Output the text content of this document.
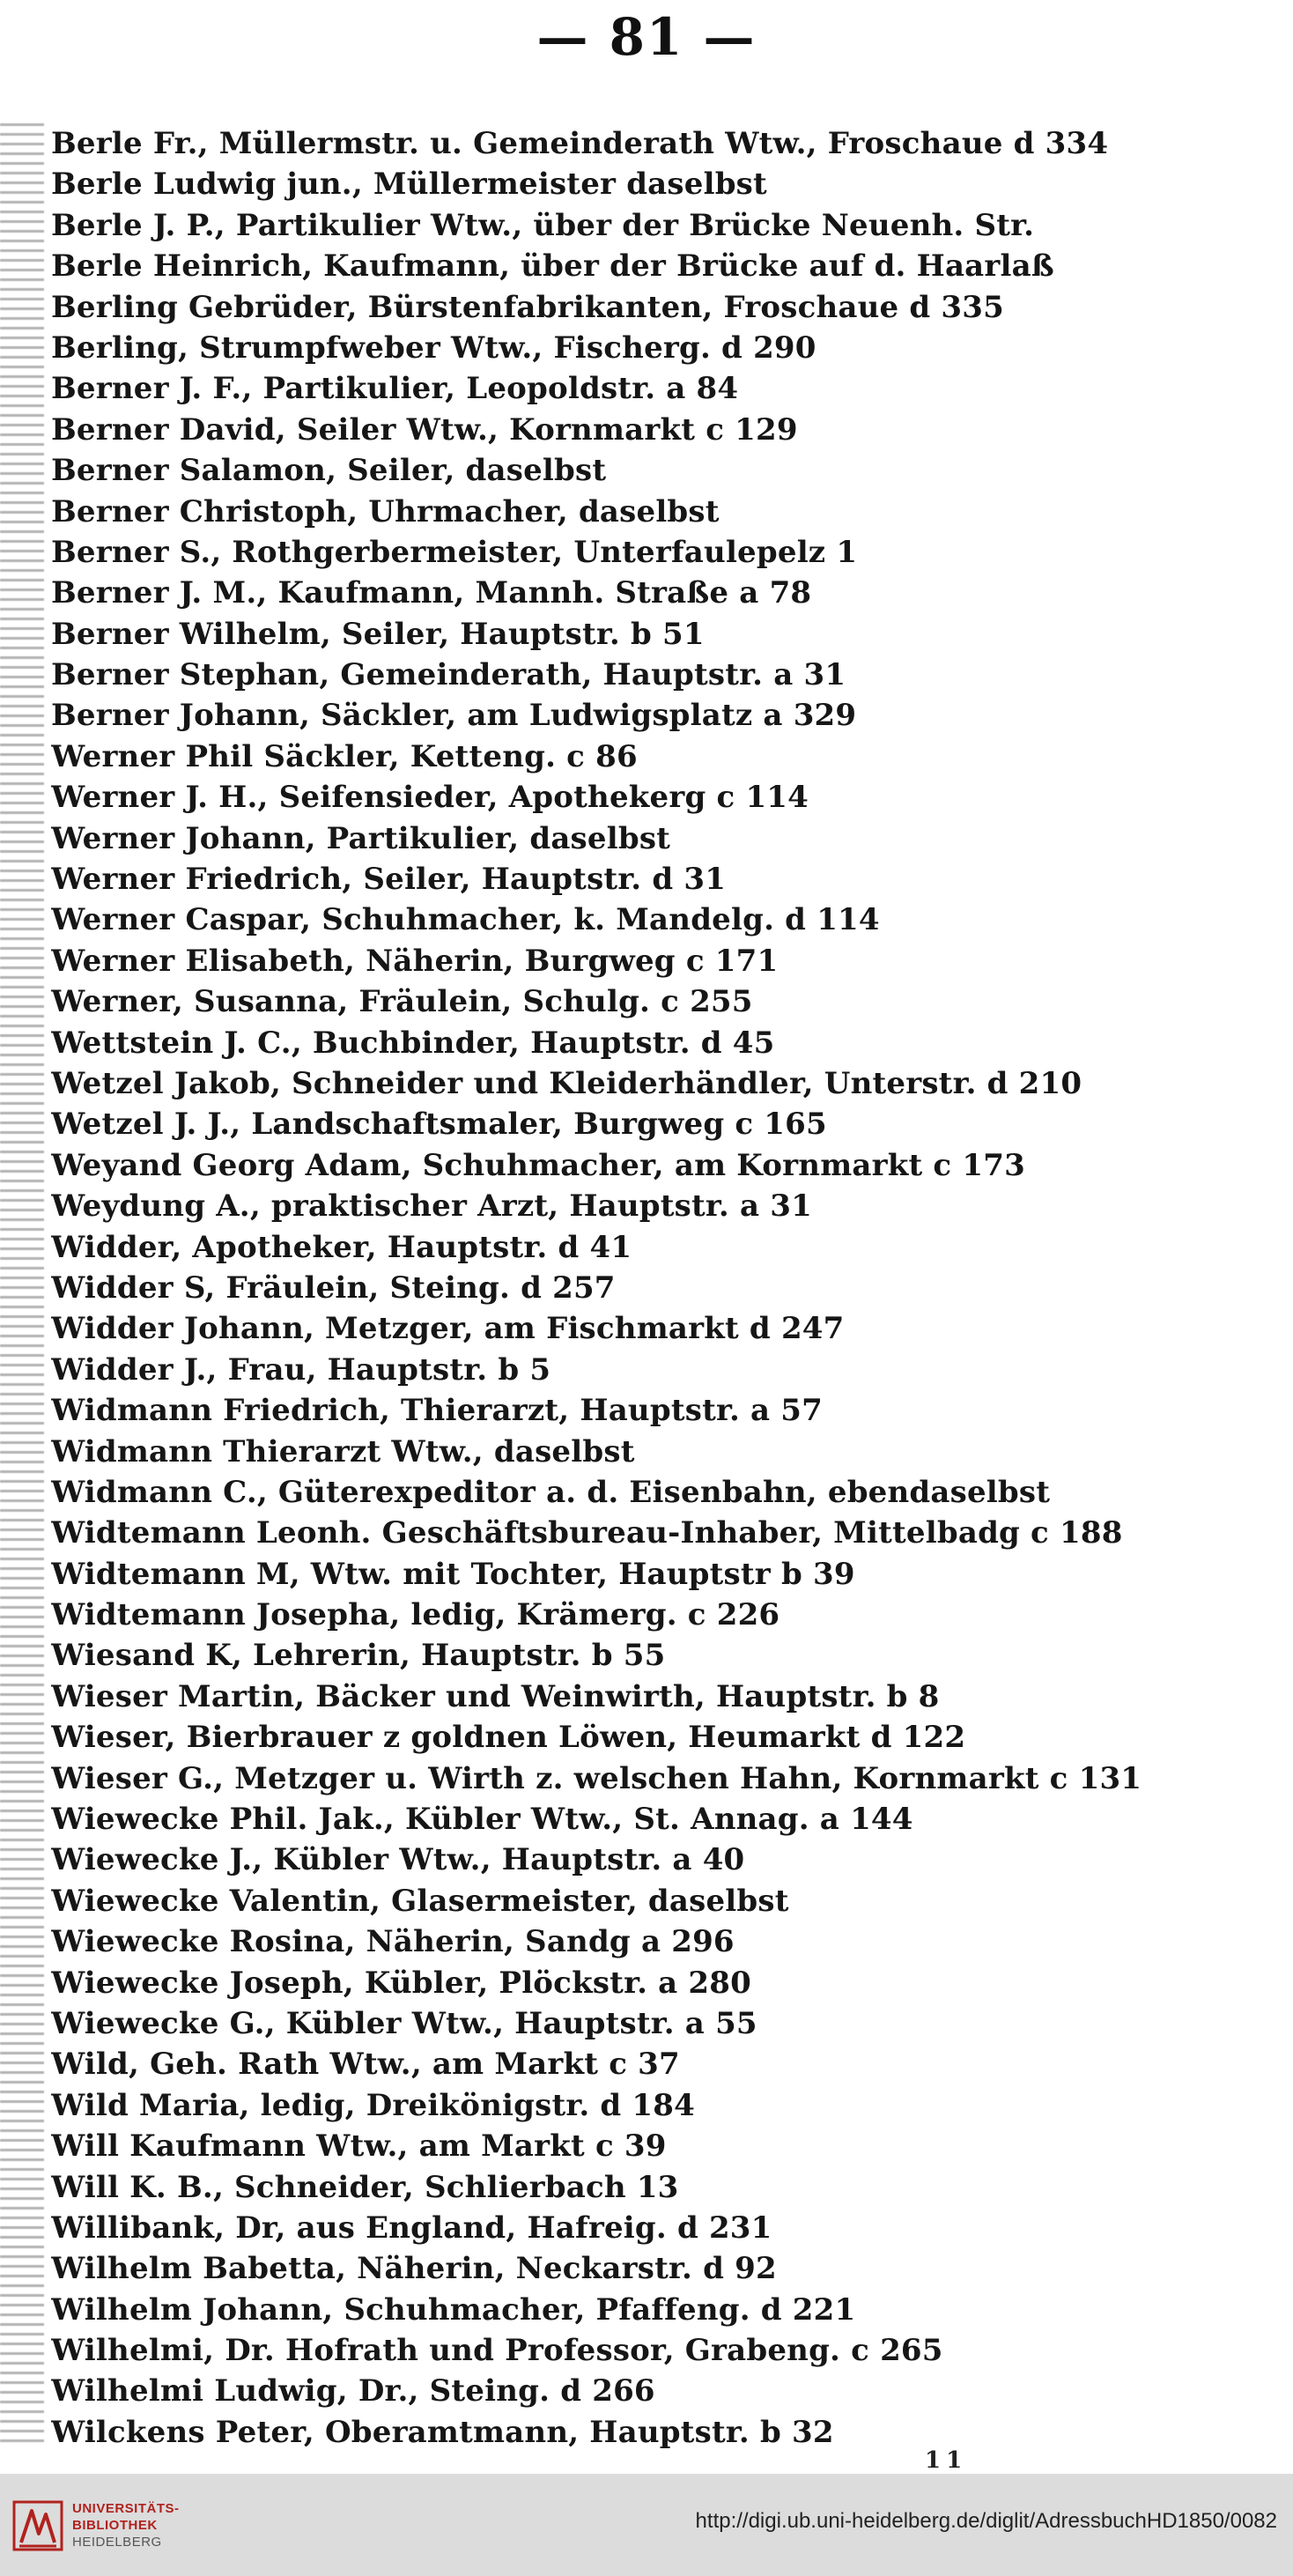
— 81 —
Berle Fr., Müllermstr. u. Gemeinderath Wtw., Froschaue d 334
Berle Ludwig jun., Müllermeister daselbst
Berle J. P., Partikulier Wtw., über der Brücke Neuenh. Str.
Berle Heinrich, Kaufmann, über der Brücke auf d. Haarlaß
Berling Gebrüder, Bürstenfabrikanten, Froschaue d 335
Berling, Strumpfweber Wtw., Fischerg. d 290
Berner J. F., Partikulier, Leopoldstr. a 84
Berner David, Seiler Wtw., Kornmarkt c 129
Berner Salamon, Seiler, daselbst
Berner Christoph, Uhrmacher, daselbst
Berner S., Rothgerbermeister, Unterfaulepelz 1
Berner J. M., Kaufmann, Mannh. Straße a 78
Berner Wilhelm, Seiler, Hauptstr. b 51
Berner Stephan, Gemeinderath, Hauptstr. a 31
Berner Johann, Säckler, am Ludwigsplatz a 329
Werner Phil Säckler, Ketteng. c 86
Werner J. H., Seifensieder, Apothekerg c 114
Werner Johann, Partikulier, daselbst
Werner Friedrich, Seiler, Hauptstr. d 31
Werner Caspar, Schuhmacher, k. Mandelg. d 114
Werner Elisabeth, Näherin, Burgweg c 171
Werner, Susanna, Fräulein, Schulg. c 255
Wettstein J. C., Buchbinder, Hauptstr. d 45
Wetzel Jakob, Schneider und Kleiderhändler, Unterstr. d 210
Wetzel J. J., Landschaftsmaler, Burgweg c 165
Weyand Georg Adam, Schuhmacher, am Kornmarkt c 173
Weydung A., praktischer Arzt, Hauptstr. a 31
Widder, Apotheker, Hauptstr. d 41
Widder S, Fräulein, Steing. d 257
Widder Johann, Metzger, am Fischmarkt d 247
Widder J., Frau, Hauptstr. b 5
Widmann Friedrich, Thierarzt, Hauptstr. a 57
Widmann Thierarzt Wtw., daselbst
Widmann C., Güterexpeditor a. d. Eisenbahn, ebendaselbst
Widtemann Leonh. Geschäftsbureau-Inhaber, Mittelbadg c 188
Widtemann M, Wtw. mit Tochter, Hauptstr b 39
Widtemann Josepha, ledig, Krämerg. c 226
Wiesand K, Lehrerin, Hauptstr. b 55
Wieser Martin, Bäcker und Weinwirth, Hauptstr. b 8
Wieser, Bierbrauer z goldnen Löwen, Heumarkt d 122
Wieser G., Metzger u. Wirth z. welschen Hahn, Kornmarkt c 131
Wiewecke Phil. Jak., Kübler Wtw., St. Annag. a 144
Wiewecke J., Kübler Wtw., Hauptstr. a 40
Wiewecke Valentin, Glasermeister, daselbst
Wiewecke Rosina, Näherin, Sandg a 296
Wiewecke Joseph, Kübler, Plöckstr. a 280
Wiewecke G., Kübler Wtw., Hauptstr. a 55
Wild, Geh. Rath Wtw., am Markt c 37
Wild Maria, ledig, Dreikönigstr. d 184
Will Kaufmann Wtw., am Markt c 39
Will K. B., Schneider, Schlierbach 13
Willibank, Dr, aus England, Hafreig. d 231
Wilhelm Babetta, Näherin, Neckarstr. d 92
Wilhelm Johann, Schuhmacher, Pfaffeng. d 221
Wilhelmi, Dr. Hofrath und Professor, Grabeng. c 265
Wilhelmi Ludwig, Dr., Steing. d 266
Wilckens Peter, Oberamtmann, Hauptstr. b 32
11
UNIVERSITÄTS-
BIBLIOTHEK
HEIDELBERG
http://digi.ub.uni-heidelberg.de/diglit/AdressbuchHD1850/0082
